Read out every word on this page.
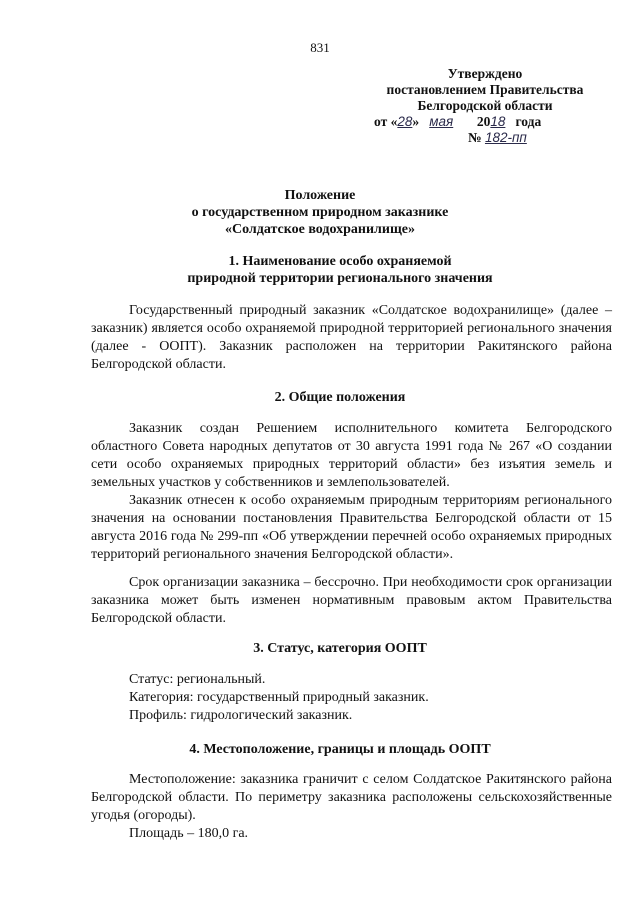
831
Утверждено
постановлением Правительства
Белгородской области
от «28» мая 2018 года
№ 182-пп
Положение
о государственном природном заказнике
«Солдатское водохранилище»
1. Наименование особо охраняемой
природной территории регионального значения
Государственный природный заказник «Солдатское водохранилище» (далее – заказник) является особо охраняемой природной территорией регионального значения (далее - ООПТ). Заказник расположен на территории Ракитянского района Белгородской области.
2. Общие положения
Заказник создан Решением исполнительного комитета Белгородского областного Совета народных депутатов от 30 августа 1991 года № 267 «О создании сети особо охраняемых природных территорий области» без изъятия земель и земельных участков у собственников и землепользователей.
Заказник отнесен к особо охраняемым природным территориям регионального значения на основании постановления Правительства Белгородской области от 15 августа 2016 года № 299-пп «Об утверждении перечней особо охраняемых природных территорий регионального значения Белгородской области».
Срок организации заказника – бессрочно. При необходимости срок организации заказника может быть изменен нормативным правовым актом Правительства Белгородской области.
3. Статус, категория ООПТ
Статус: региональный.
Категория: государственный природный заказник.
Профиль: гидрологический заказник.
4. Местоположение, границы и площадь ООПТ
Местоположение: заказника граничит с селом Солдатское Ракитянского района Белгородской области. По периметру заказника расположены сельскохозяйственные угодья (огороды).
Площадь – 180,0 га.
